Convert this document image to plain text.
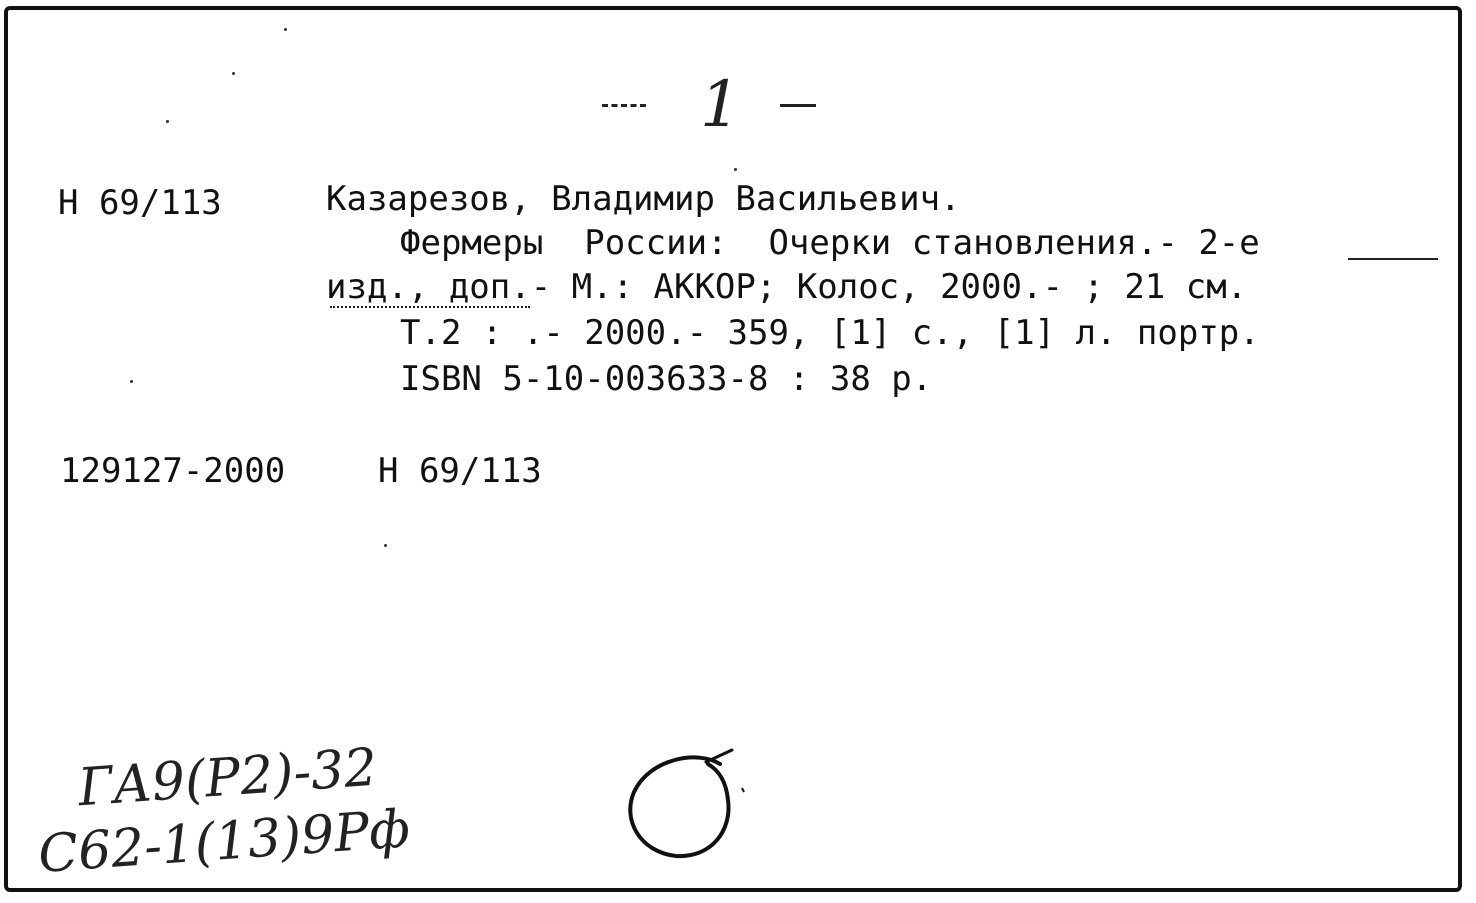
1
Н 69/113	Казарезов, Владимир Васильевич.
Фермеры  России:  Очерки становления.- 2-е
изд., доп.- М.: АККОР; Колос, 2000.- ; 21 см.
Т.2 : .- 2000.- 359, [1] с., [1] л. портр.
ISBN 5-10-003633-8 : 38 р.
129127-2000	Н 69/113
ГА9(Р2)-32
С62-1(13)9Рф
